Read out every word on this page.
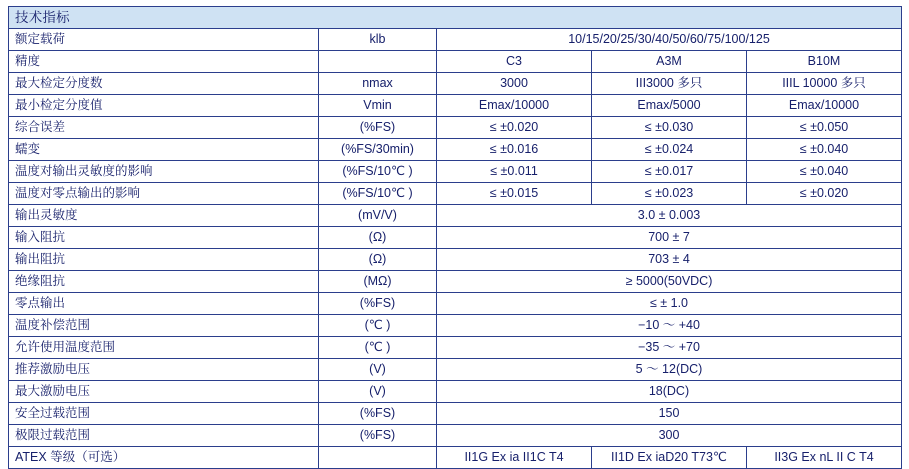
技术指标				
额定载荷	klb	10/15/20/25/30/40/50/60/75/100/125		
精度		C3	A3M	B10M
最大检定分度数	nmax	3000	III3000 多只	IIIL 10000 多只
最小检定分度值	Vmin	Emax/10000	Emax/5000	Emax/10000
综合误差	(%FS)	≤ ±0.020	≤ ±0.030	≤ ±0.050
蠕变	(%FS/30min)	≤ ±0.016	≤ ±0.024	≤ ±0.040
温度对输出灵敏度的影响	(%FS/10℃ )	≤ ±0.011	≤ ±0.017	≤ ±0.040
温度对零点输出的影响	(%FS/10℃ )	≤ ±0.015	≤ ±0.023	≤ ±0.020
输出灵敏度	(mV/V)	3.0 ± 0.003		
输入阻抗	(Ω)	700 ± 7		
输出阻抗	(Ω)	703 ± 4		
绝缘阻抗	(MΩ)	≥ 5000(50VDC)		
零点输出	(%FS)	≤ ± 1.0		
温度补偿范围	(℃ )	−10 ～ +40		
允许使用温度范围	(℃ )	−35 ～ +70		
推荐激励电压	(V)	5 ～ 12(DC)		
最大激励电压	(V)	18(DC)		
安全过载范围	(%FS)	150		
极限过载范围	(%FS)	300		
ATEX 等级（可选）		II1G Ex ia II1C T4	II1D Ex iaD20 T73℃	II3G Ex nL II C T4
